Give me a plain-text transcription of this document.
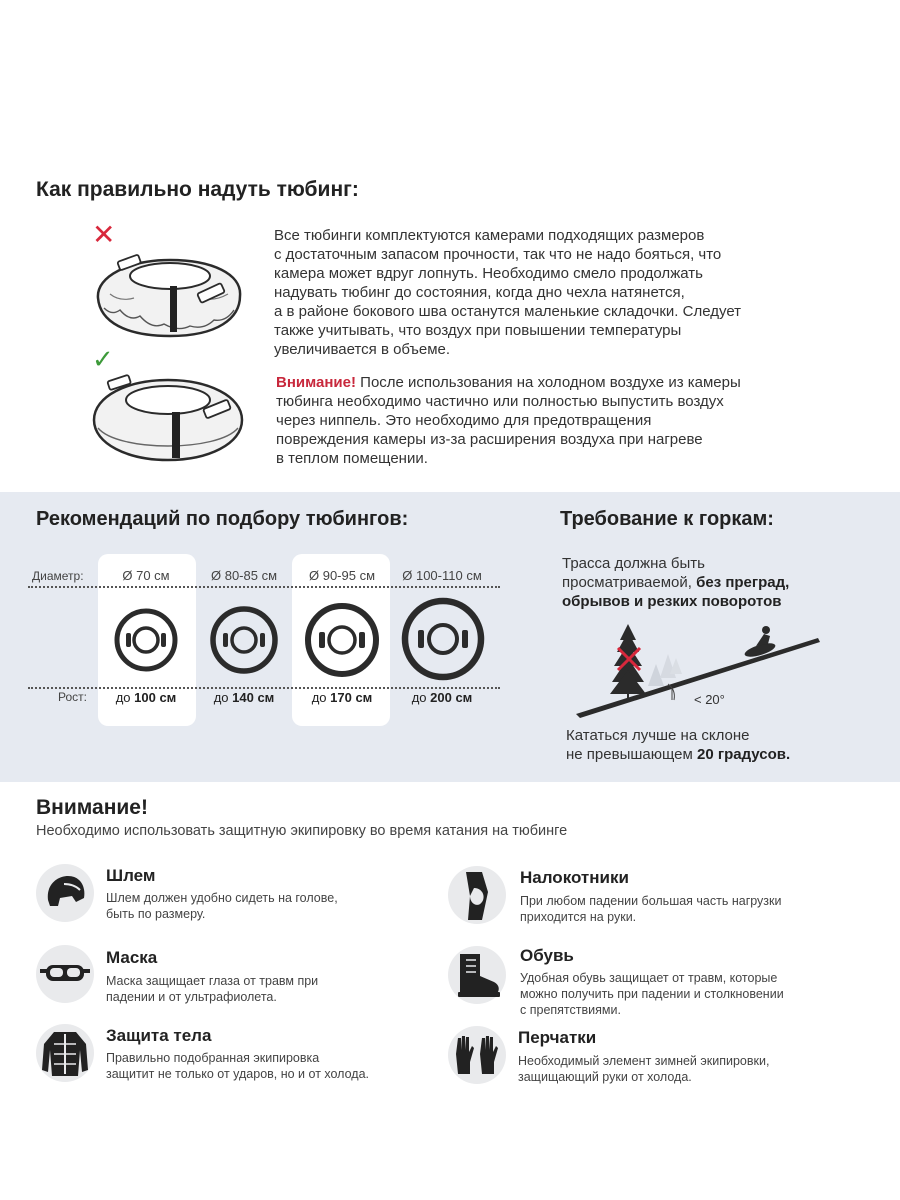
Как правильно надуть тюбинг:
✕
✓
Все тюбинги комплектуются камерами подходящих размеров
с достаточным запасом прочности, так что не надо бояться, что
камера может вдруг лопнуть. Необходимо смело продолжать
надувать тюбинг до состояния, когда дно чехла натянется,
а в районе бокового шва останутся маленькие складочки. Следует
также учитывать, что воздух при повышении температуры
увеличивается в объеме.
Внимание! После использования на холодном воздухе из камеры
тюбинга необходимо частично или полностью выпустить воздух
через ниппель. Это необходимо для предотвращения
повреждения камеры из-за расширения воздуха при нагреве
в теплом помещении.
Рекомендаций по подбору тюбингов:
Диаметр:	Ø 70 см	Ø 80-85 см	Ø 90-95 см	Ø 100-110 см
Рост:	до 100 см	до 140 см	до 170 см	до 200 см
Требование к горкам:
Трасса должна быть
просматриваемой, без преград,
обрывов и резких поворотов
< 20°
Кататься лучше на склоне
не превышающем 20 градусов.
Внимание!
Необходимо использовать защитную экипировку во время катания на тюбинге
Шлем
Шлем должен удобно сидеть на голове,
быть по размеру.
Маска
Маска защищает глаза от травм при
падении и от ультрафиолета.
Защита тела
Правильно подобранная экипировка
защитит не только от ударов, но и от холода.
Налокотники
При любом падении большая часть нагрузки
приходится на руки.
Обувь
Удобная обувь защищает от травм, которые
можно получить при падении и столкновении
с препятствиями.
Перчатки
Необходимый элемент зимней экипировки,
защищающий руки от холода.
